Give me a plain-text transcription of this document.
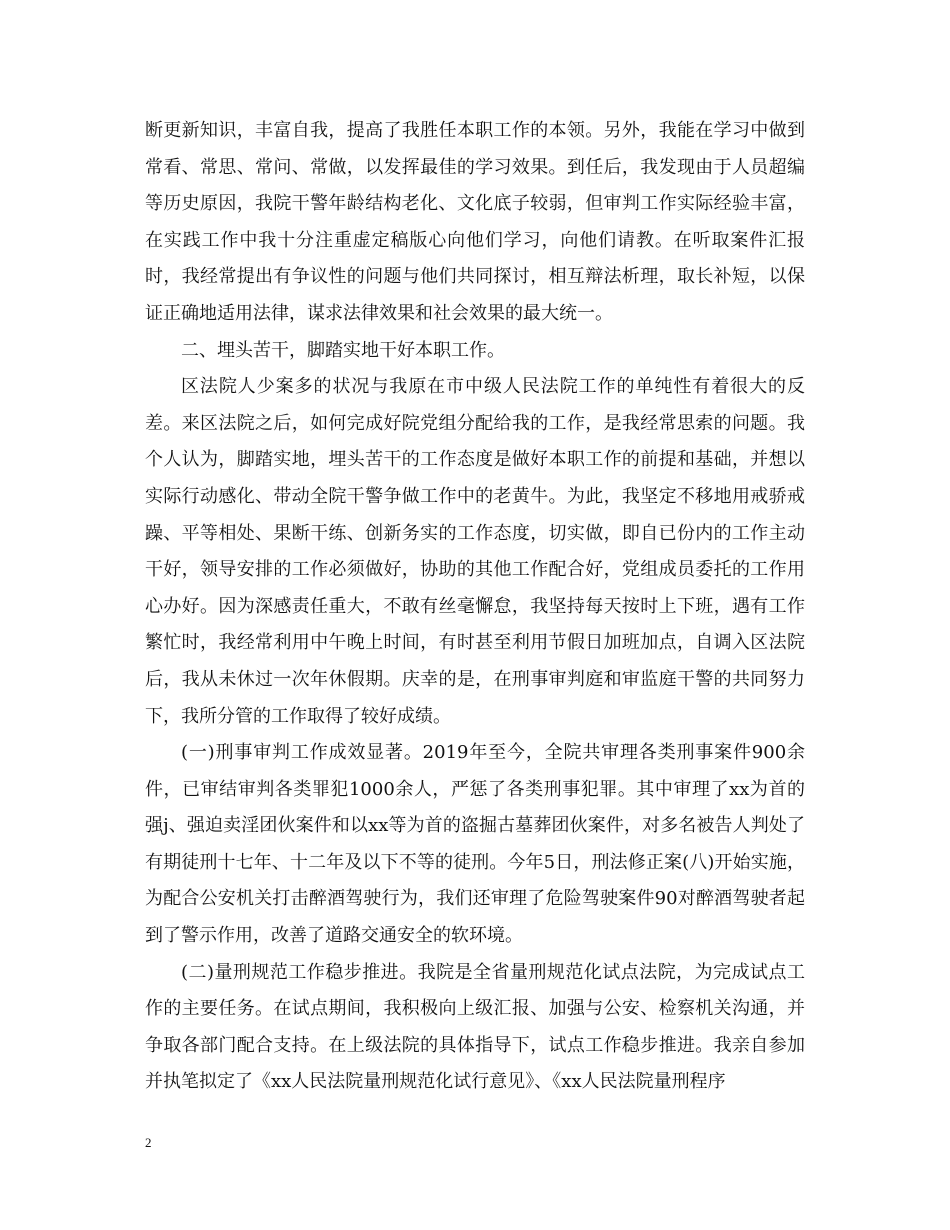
断更新知识，丰富自我，提高了我胜任本职工作的本领。另外，我能在学习中做到常看、常思、常问、常做，以发挥最佳的学习效果。到任后，我发现由于人员超编等历史原因，我院干警年龄结构老化、文化底子较弱，但审判工作实际经验丰富，在实践工作中我十分注重虚定稿版心向他们学习，向他们请教。在听取案件汇报时，我经常提出有争议性的问题与他们共同探讨，相互辩法析理，取长补短，以保证正确地适用法律，谋求法律效果和社会效果的最大统一。

二、埋头苦干，脚踏实地干好本职工作。

区法院人少案多的状况与我原在市中级人民法院工作的单纯性有着很大的反差。来区法院之后，如何完成好院党组分配给我的工作，是我经常思索的问题。我个人认为，脚踏实地，埋头苦干的工作态度是做好本职工作的前提和基础，并想以实际行动感化、带动全院干警争做工作中的老黄牛。为此，我坚定不移地用戒骄戒躁、平等相处、果断干练、创新务实的工作态度，切实做，即自已份内的工作主动干好，领导安排的工作必须做好，协助的其他工作配合好，党组成员委托的工作用心办好。因为深感责任重大，不敢有丝毫懈怠，我坚持每天按时上下班，遇有工作繁忙时，我经常利用中午晚上时间，有时甚至利用节假日加班加点，自调入区法院后，我从未休过一次年休假期。庆幸的是，在刑事审判庭和审监庭干警的共同努力下，我所分管的工作取得了较好成绩。

(一)刑事审判工作成效显著。2019年至今，全院共审理各类刑事案件900余件，已审结审判各类罪犯1000余人，严惩了各类刑事犯罪。其中审理了xx为首的强j、强迫卖淫团伙案件和以xx等为首的盗掘古墓葬团伙案件，对多名被告人判处了有期徒刑十七年、十二年及以下不等的徒刑。今年5日，刑法修正案(八)开始实施，为配合公安机关打击醉酒驾驶行为，我们还审理了危险驾驶案件90对醉酒驾驶者起到了警示作用，改善了道路交通安全的软环境。

(二)量刑规范工作稳步推进。我院是全省量刑规范化试点法院，为完成试点工作的主要任务。在试点期间，我积极向上级汇报、加强与公安、检察机关沟通，并争取各部门配合支持。在上级法院的具体指导下，试点工作稳步推进。我亲自参加并执笔拟定了《xx人民法院量刑规范化试行意见》、《xx人民法院量刑程序

2
